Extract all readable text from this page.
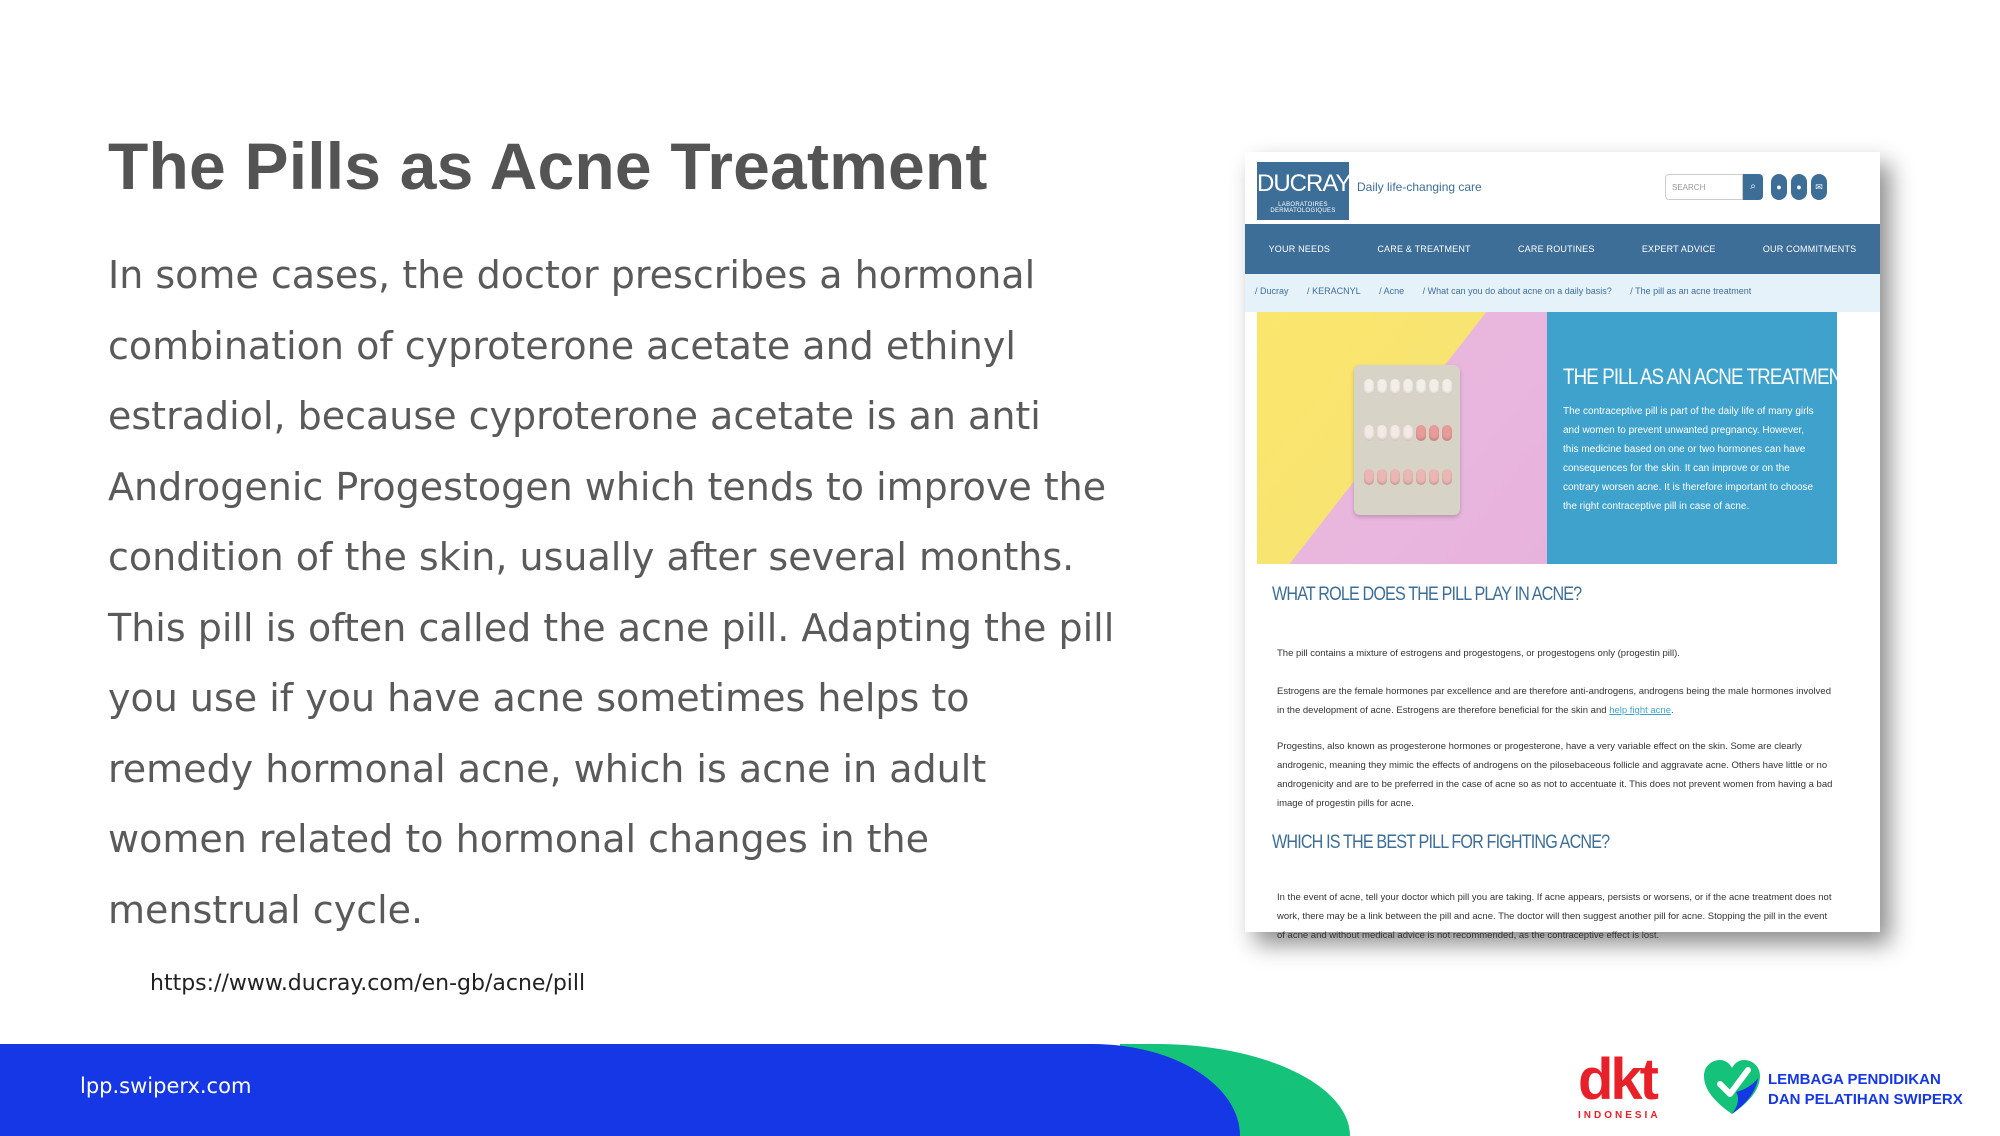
The Pills as Acne Treatment
In some cases, the doctor prescribes a hormonal combination of cyproterone acetate and ethinyl estradiol, because cyproterone acetate is an anti Androgenic Progestogen which tends to improve the condition of the skin, usually after several months. This pill is often called the acne pill. Adapting the pill you use if you have acne sometimes helps to remedy hormonal acne, which is acne in adult women related to hormonal changes in the menstrual cycle.
https://www.ducray.com/en-gb/acne/pill
DUCRAY
LABORATOIRES DERMATOLOGIQUES
Daily life-changing care	SEARCH	⌕	●	●	✉
YOUR NEEDS	CARE & TREATMENT	CARE ROUTINES	EXPERT ADVICE	OUR COMMITMENTS
/ Ducray / KERACNYL / Acne / What can you do about acne on a daily basis? / The pill as an acne treatment
THE PILL AS AN ACNE TREATMENT
The contraceptive pill is part of the daily life of many girls and women to prevent unwanted pregnancy. However, this medicine based on one or two hormones can have consequences for the skin. It can improve or on the contrary worsen acne. It is therefore important to choose the right contraceptive pill in case of acne.
WHAT ROLE DOES THE PILL PLAY IN ACNE?
The pill contains a mixture of estrogens and progestogens, or progestogens only (progestin pill).
Estrogens are the female hormones par excellence and are therefore anti-androgens, androgens being the male hormones involved in the development of acne. Estrogens are therefore beneficial for the skin and help fight acne.
Progestins, also known as progesterone hormones or progesterone, have a very variable effect on the skin. Some are clearly androgenic, meaning they mimic the effects of androgens on the pilosebaceous follicle and aggravate acne. Others have little or no androgenicity and are to be preferred in the case of acne so as not to accentuate it. This does not prevent women from having a bad image of progestin pills for acne.
WHICH IS THE BEST PILL FOR FIGHTING ACNE?
In the event of acne, tell your doctor which pill you are taking. If acne appears, persists or worsens, or if the acne treatment does not work, there may be a link between the pill and acne. The doctor will then suggest another pill for acne. Stopping the pill in the event of acne and without medical advice is not recommended, as the contraceptive effect is lost.
lpp.swiperx.com	dkt
INDONESIA
LEMBAGA PENDIDIKAN
DAN PELATIHAN SWIPERX
